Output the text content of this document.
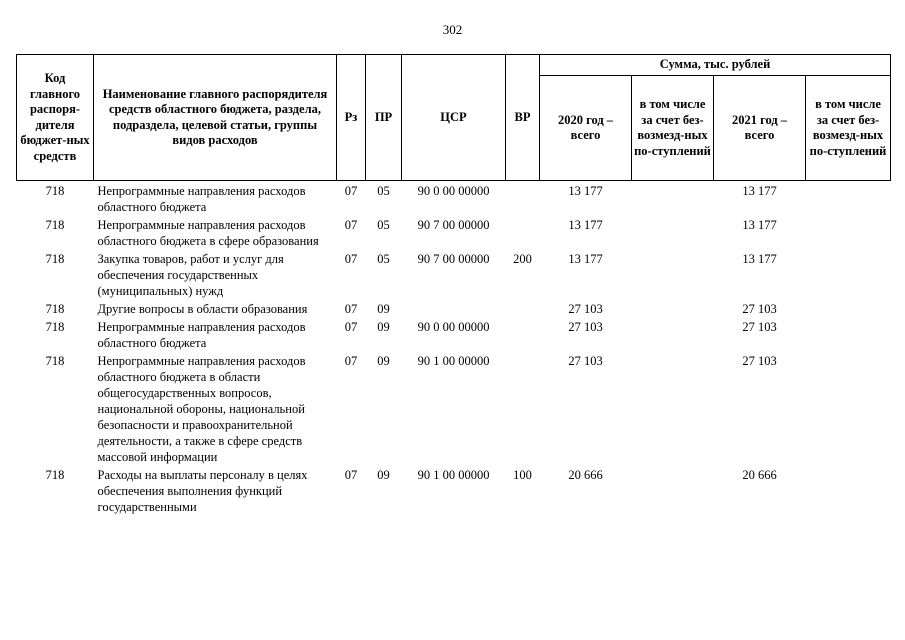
302
Код главного распоря-дителя бюджет-ных средств	Наименование главного распорядителя средств областного бюджета, раздела, подраздела, целевой статьи, группы видов расходов	Рз	ПР	ЦСР	ВР	Сумма, тыс. рублей			
						2020 год – всего	в том числе за счет без-возмезд-ных по-ступлений	2021 год – всего	в том числе за счет без-возмезд-ных по-ступлений
718	Непрограммные направления расходов областного бюджета	07	05	90 0 00 00000		13 177		13 177	
718	Непрограммные направления расходов областного бюджета в сфере образования	07	05	90 7 00 00000		13 177		13 177	
718	Закупка товаров, работ и услуг для обеспечения государственных (муниципальных) нужд	07	05	90 7 00 00000	200	13 177		13 177	
718	Другие вопросы в области образования	07	09			27 103		27 103	
718	Непрограммные направления расходов областного бюджета	07	09	90 0 00 00000		27 103		27 103	
718	Непрограммные направления расходов областного бюджета в области общегосударственных вопросов, национальной обороны, национальной безопасности и правоохранительной деятельности, а также в сфере средств массовой информации	07	09	90 1 00 00000		27 103		27 103	
718	Расходы на выплаты персоналу в целях обеспечения выполнения функций государственными	07	09	90 1 00 00000	100	20 666		20 666	
